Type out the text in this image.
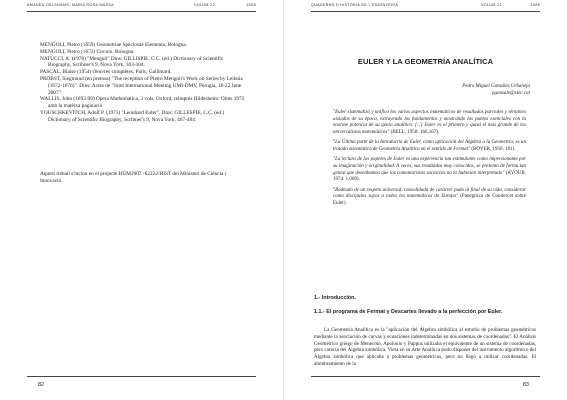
AMADEU DELSHAMS, MARIA ROSA MASSA	VOLUM 22	2008

MENGOLI, Pietro (1659) Geometriae Speciosae Elementa, Bologna.

MENGOLI, Pietro (1672) Circolo. Bologna.

NATUCCI, A. (1970) "Mengoli" Dins: GILLISPIE, C.C. (ed.) Dictionary of Scientific Biography, Scribner's 9, Nova York, 303-304.

PASCAL, Blaise (1954) Oeuvres complètes, Paris, Gallimard.

PROBST, Siegmund (en premsa) "The reception of Pietro Mengoli's Work on Series by Leibniz (1672-1676)". Dins: Actes de "Joint International Meeting UMI-DMV, Perugia, 18-22 June 2007".

WALLIS, John (1693-99) Opera Mathematica, 3 vols, Oxford, reimprès Hildesheim: Olms 1972 amb la matèixa paginació.

YOUSCHKEVITCH, Adolf P. (1971) "Leonhard Euler", Dins: GILLESPIE, C.C. (ed.) Dictionary of Scientific Biography, Scribner's 9, Nova York, 467-484.

Aquest treball s'inclou en el projecte HUM2007 -62222/HIST del Ministeri de Ciència i Innovació.
82
QUADERNS D'HISTÒRIA DE L'ENGINYERIA	VOLUM 22	2008
EULER Y LA GEOMETRÍA ANALÍTICA
Pedro Miguel González Urbaneja
pgonzale@xtec.cat

"Euler sistematizó y unificó los varios aspectos matemáticos de resultados parciales y términos aislados de su época, extrayendo los fundamentos y mostrando los puntos esenciales con la enorme potencia de su genio analítico. [...] Euler es el primero y quizá el más grande de los universalistas matemáticos" (BELL, 1950: 166,167).

"La Última parte de la Introductio de Euler, como aplicación del Álgebra a la Geometría, es un tratado sistemático de Geometría Analítica en el sentido de Fermat" (BOYER, 1956: 181).

"La lectura de los papeles de Euler es una experiencia tan estimulante como impresionante por su imaginación y originalidad. A veces, sus resultados muy conocidos, se presenta de forma tan genial que deseábamos que los comentaristas sucesivos no lo hubiesen interpretado" (AYOUB, 1974: 1.069).

"Rodeado de un respeto universal, consolidada de carácter pudo al final de su vida, considerar como discípulos suyos a todos los matemáticos de Europa" (Panegírico de Condorcet sobre Euler).

1.- Introducción.
1.1.- El programa de Fermat y Descartes llevado a la perfección por Euler.
La Geometría Analítica es la "aplicación del Álgebra simbólica al estudio de problemas geométricos mediante la asociación de curvas y ecuaciones indeterminadas en dos sistemas de coordenadas". El Análisis Geométrico griego de Menecmo, Apolonio y Pappus utilizaba el equivalente de un sistema de coordenadas, pero carecía del Álgebra simbólica. Vieta en su Arte Analítica pudo disponer del instrumento algorítmico del Álgebra simbólica que aplicaba a problemas geométricos, pero no llegó a utilizar coordenadas. El alumbramiento de la
83
